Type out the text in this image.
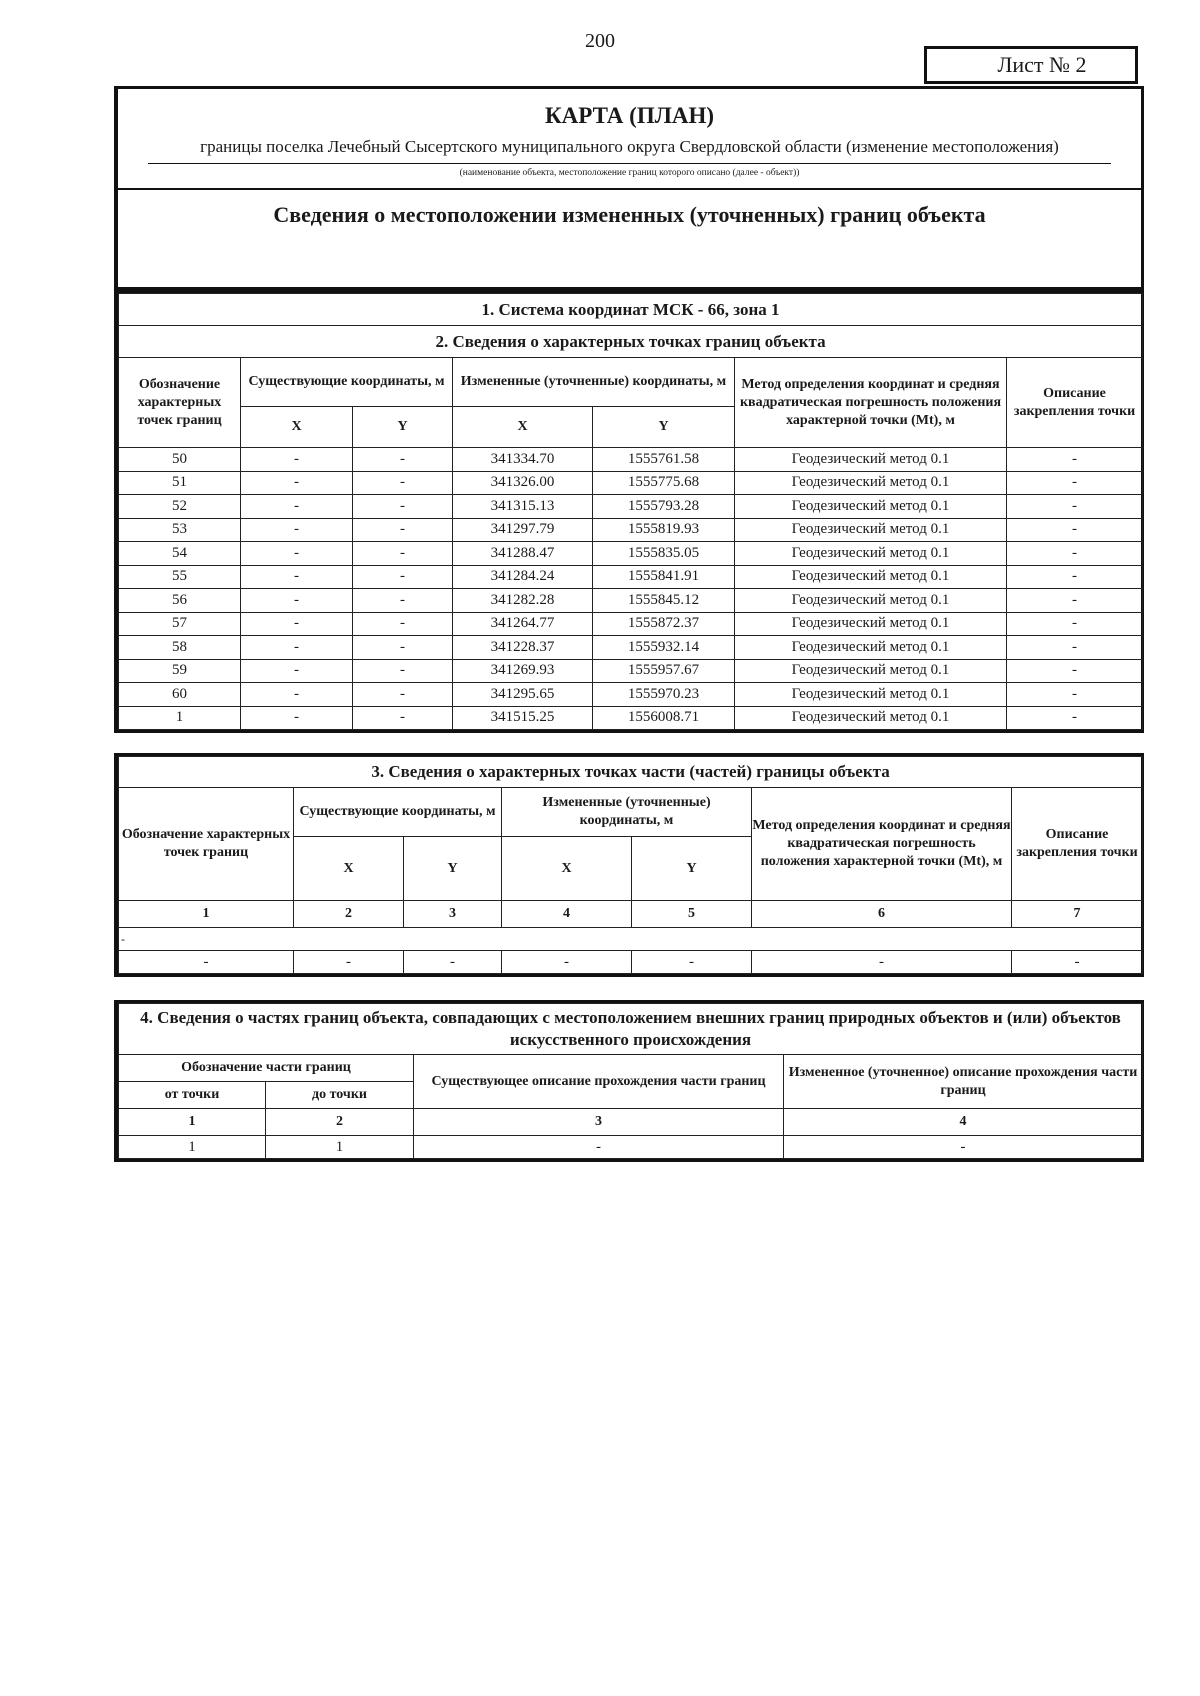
200
Лист № 2
КАРТА (ПЛАН)
границы поселка Лечебный Сысертского муниципального округа Свердловской области (изменение местоположения)
(наименование объекта, местоположение границ которого описано (далее - объект))
Сведения о местоположении измененных (уточненных) границ объекта
1. Система координат МСК - 66, зона 1						
2. Сведения о характерных точках границ объекта						
Обозначение характерных точек границ	Существующие координаты, м		Измененные (уточненные) координаты, м		Метод определения координат и средняя квадратическая погрешность положения характерной точки (Mt), м	Описание закрепления точки
	X	Y	X	Y		
50	-	-	341334.70	1555761.58	Геодезический метод 0.1	-
51	-	-	341326.00	1555775.68	Геодезический метод 0.1	-
52	-	-	341315.13	1555793.28	Геодезический метод 0.1	-
53	-	-	341297.79	1555819.93	Геодезический метод 0.1	-
54	-	-	341288.47	1555835.05	Геодезический метод 0.1	-
55	-	-	341284.24	1555841.91	Геодезический метод 0.1	-
56	-	-	341282.28	1555845.12	Геодезический метод 0.1	-
57	-	-	341264.77	1555872.37	Геодезический метод 0.1	-
58	-	-	341228.37	1555932.14	Геодезический метод 0.1	-
59	-	-	341269.93	1555957.67	Геодезический метод 0.1	-
60	-	-	341295.65	1555970.23	Геодезический метод 0.1	-
1	-	-	341515.25	1556008.71	Геодезический метод 0.1	-
3. Сведения о характерных точках части (частей) границы объекта						
Обозначение характерных точек границ	Существующие координаты, м		Измененные (уточненные) координаты, м		Метод определения координат и средняя квадратическая погрешность положения характерной точки (Mt), м	Описание закрепления точки
	X	Y	X	Y		
1	2	3	4	5	6	7
-						
-	-	-	-	-	-	-
4. Сведения о частях границ объекта, совпадающих с местоположением внешних границ природных объектов и (или) объектов искусственного происхождения			
Обозначение части границ		Существующее описание прохождения части границ	Измененное (уточненное) описание прохождения части границ
от точки	до точки		
1	2	3	4
1	1	-	-
